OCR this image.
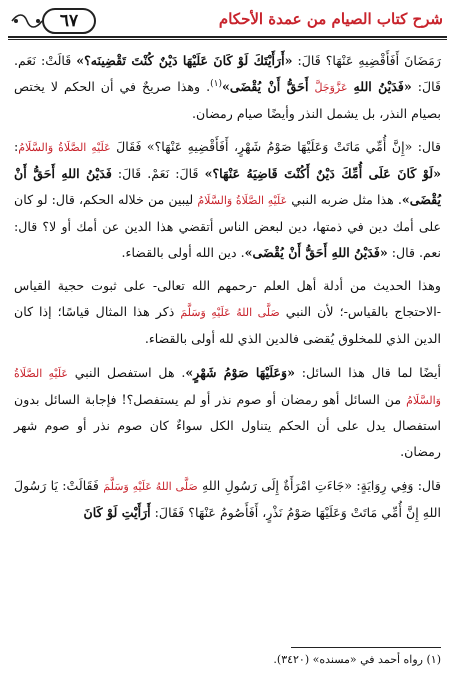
شرح كتاب الصيام من عمدة الأحكام
٦٧

رَمَضَانَ أَفَأَقْضِيهِ عَنْهَا؟ قَالَ: «أَرَأَيْتَكَ لَوْ كَانَ عَلَيْهَا دَيْنٌ كُنْتَ تَقْضِينَه؟» قَالَتْ: نَعَم. قَالَ: «فَدَيْنُ اللهِ عَزَّوَجَلَّ أَحَقُّ أَنْ يُقْضَى»$^{(١)}$. وهذا صريحٌ في أن الحكم لا يختص بصيام النذر، بل يشمل النذر وأيضًا صيام رمضان.

قال: «إِنَّ أُمِّي مَاتَتْ وَعَلَيْهَا صَوْمُ شَهْرٍ، أَفَأَقْضِيهِ عَنْهَا؟» فَقَالَ عَلَيْهِ الصَّلَاةُ وَالسَّلَامُ: «لَوْ كَانَ عَلَى أُمِّكَ دَيْنٌ أَكُنْتَ قَاضِيَهُ عَنْهَا؟» قَالَ: نَعَمْ. قَالَ: فَدَيْنُ اللهِ أَحَقُّ أَنْ يُقْضَى». هذا مثل ضربه النبي عَلَيْهِ الصَّلَاةُ وَالسَّلَامُ ليبين من خلاله الحكم، قال: لو كان على أمك دين في ذمتها، دين لبعض الناس أتقضي هذا الدين عن أمك أو لا؟ قال: نعم. قال: «فَدَيْنُ اللهِ أَحَقُّ أَنْ يُقْضَى». دين الله أولى بالقضاء.

وهذا الحديث من أدلة أهل العلم -رحمهم الله تعالى- على ثبوت حجية القياس -الاحتجاج بالقياس-؛ لأن النبي صَلَّى اللهُ عَلَيْهِ وَسَلَّمَ ذكر هذا المثال قياسًا؛ إذا كان الدين الذي للمخلوق يُقضى فالدين الذي لله أولى بالقضاء.

أيضًا لما قال هذا السائل: «وَعَلَيْهَا صَوْمُ شَهْرٍ». هل استفصل النبي عَلَيْهِ الصَّلَاةُ وَالسَّلَامُ من السائل أهو رمضان أو صوم نذر أو لم يستفصل؟! فإجابة السائل بدون استفصال يدل على أن الحكم يتناول الكل سواءٌ كان صوم نذر أو صوم شهر رمضان.

قال: وَفِي رِوَايَةٍ: «جَاءَتِ امْرَأَةٌ إِلَى رَسُولِ اللهِ صَلَّى اللهُ عَلَيْهِ وَسَلَّمَ فَقَالَتْ: يَا رَسُولَ اللهِ إِنَّ أُمِّي مَاتَتْ وَعَلَيْهَا صَوْمُ نَذْرٍ، أَفَأَصُومُ عَنْهَا؟ فَقَالَ: أَرَأَيْتِ لَوْ كَانَ

(١) رواه أحمد في «مسنده» (٣٤٢٠).
